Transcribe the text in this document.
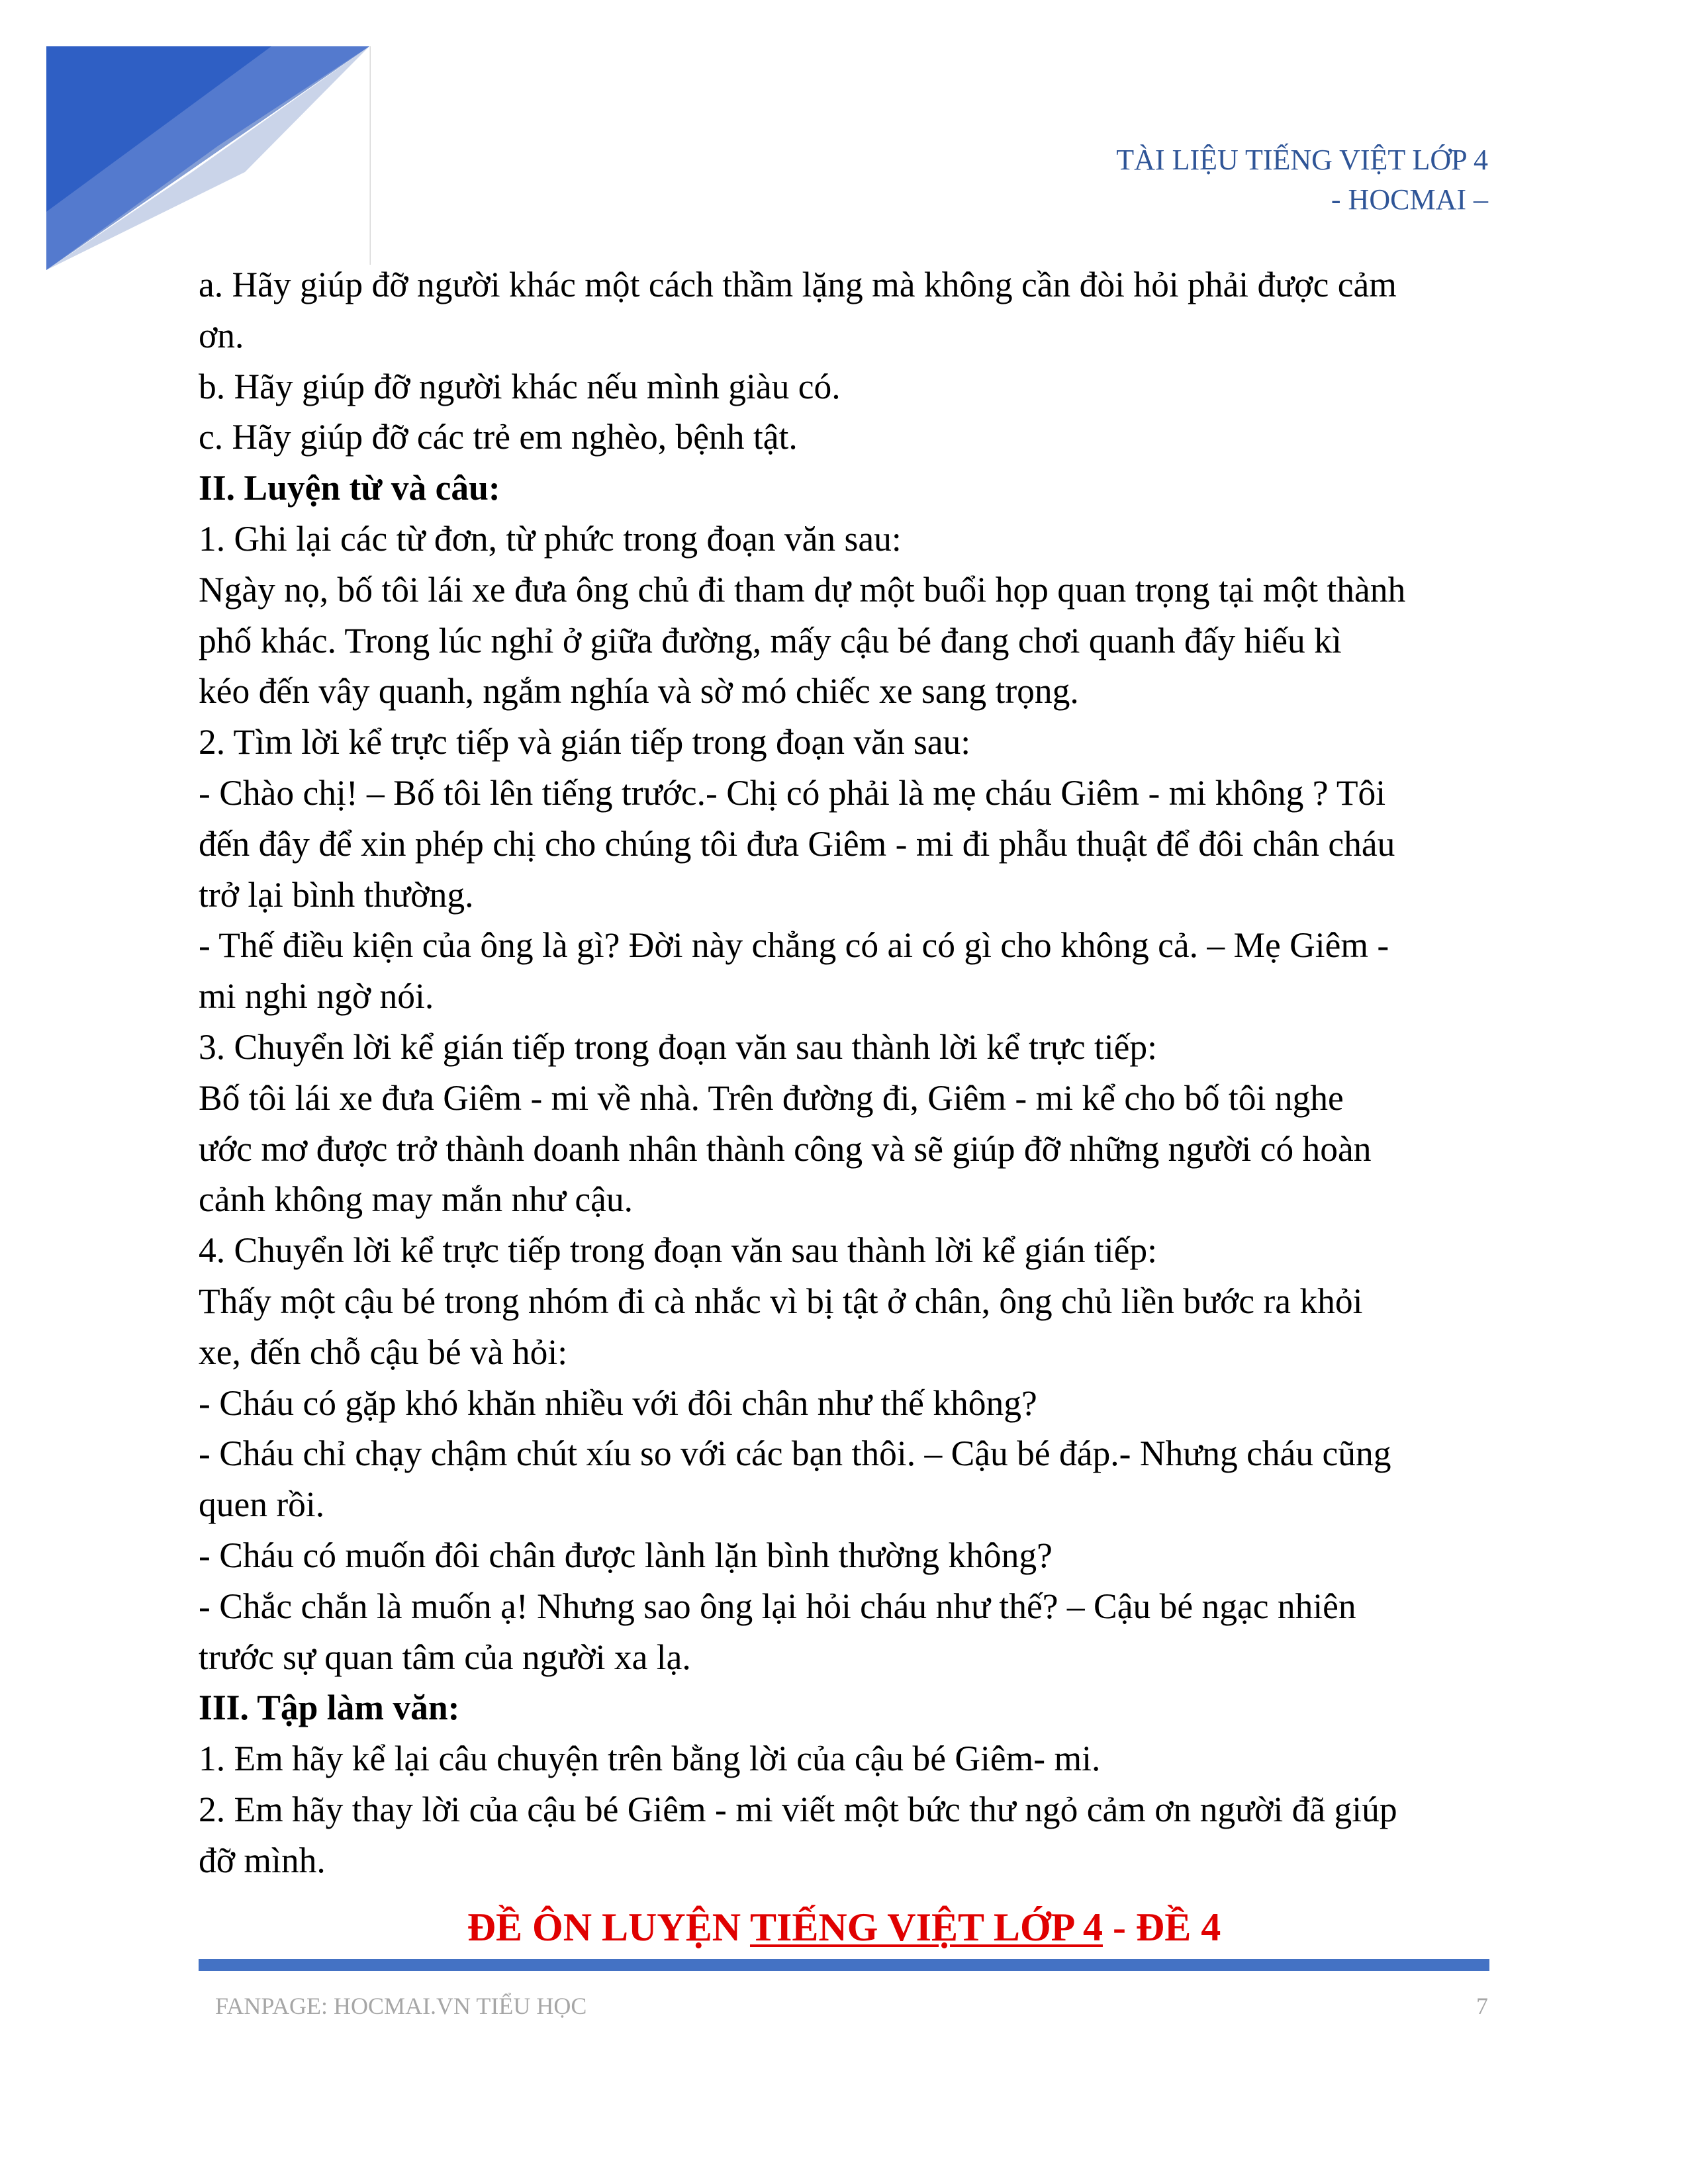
TÀI LIỆU TIẾNG VIỆT LỚP 4
- HOCMAI –

a. Hãy giúp đỡ người khác một cách thầm lặng mà không cần đòi hỏi phải được cảm

ơn.

b. Hãy giúp đỡ người khác nếu mình giàu có.

c. Hãy giúp đỡ các trẻ em nghèo, bệnh tật.

II. Luyện từ và câu:

1. Ghi lại các từ đơn, từ phức trong đoạn văn sau:

Ngày nọ, bố tôi lái xe đưa ông chủ đi tham dự một buổi họp quan trọng tại một thành

phố khác. Trong lúc nghỉ ở giữa đường, mấy cậu bé đang chơi quanh đấy hiếu kì

kéo đến vây quanh, ngắm nghía và sờ mó chiếc xe sang trọng.

2. Tìm lời kể trực tiếp và gián tiếp trong đoạn văn sau:

- Chào chị! – Bố tôi lên tiếng trước.- Chị có phải là mẹ cháu Giêm - mi không ? Tôi

đến đây để xin phép chị cho chúng tôi đưa Giêm - mi đi phẫu thuật để đôi chân cháu

trở lại bình thường.

- Thế điều kiện của ông là gì? Đời này chẳng có ai có gì cho không cả. – Mẹ Giêm -

mi nghi ngờ nói.

3. Chuyển lời kể gián tiếp trong đoạn văn sau thành lời kể trực tiếp:

Bố tôi lái xe đưa Giêm - mi về nhà. Trên đường đi, Giêm - mi kể cho bố tôi nghe

ước mơ được trở thành doanh nhân thành công và sẽ giúp đỡ những người có hoàn

cảnh không may mắn như cậu.

4. Chuyển lời kể trực tiếp trong đoạn văn sau thành lời kể gián tiếp:

Thấy một cậu bé trong nhóm đi cà nhắc vì bị tật ở chân, ông chủ liền bước ra khỏi

xe, đến chỗ cậu bé và hỏi:

- Cháu có gặp khó khăn nhiều với đôi chân như thế không?

- Cháu chỉ chạy chậm chút xíu so với các bạn thôi. – Cậu bé đáp.- Nhưng cháu cũng

quen rồi.

- Cháu có muốn đôi chân được lành lặn bình thường không?

- Chắc chắn là muốn ạ! Nhưng sao ông lại hỏi cháu như thế? – Cậu bé ngạc nhiên

trước sự quan tâm của người xa lạ.

III. Tập làm văn:

1. Em hãy kể lại câu chuyện trên bằng lời của cậu bé Giêm- mi.

2. Em hãy thay lời của cậu bé Giêm - mi viết một bức thư ngỏ cảm ơn người đã giúp

đỡ mình.

ĐỀ ÔN LUYỆN TIẾNG VIỆT LỚP 4 - ĐỀ 4
FANPAGE: HOCMAI.VN TIỂU HỌC	7
